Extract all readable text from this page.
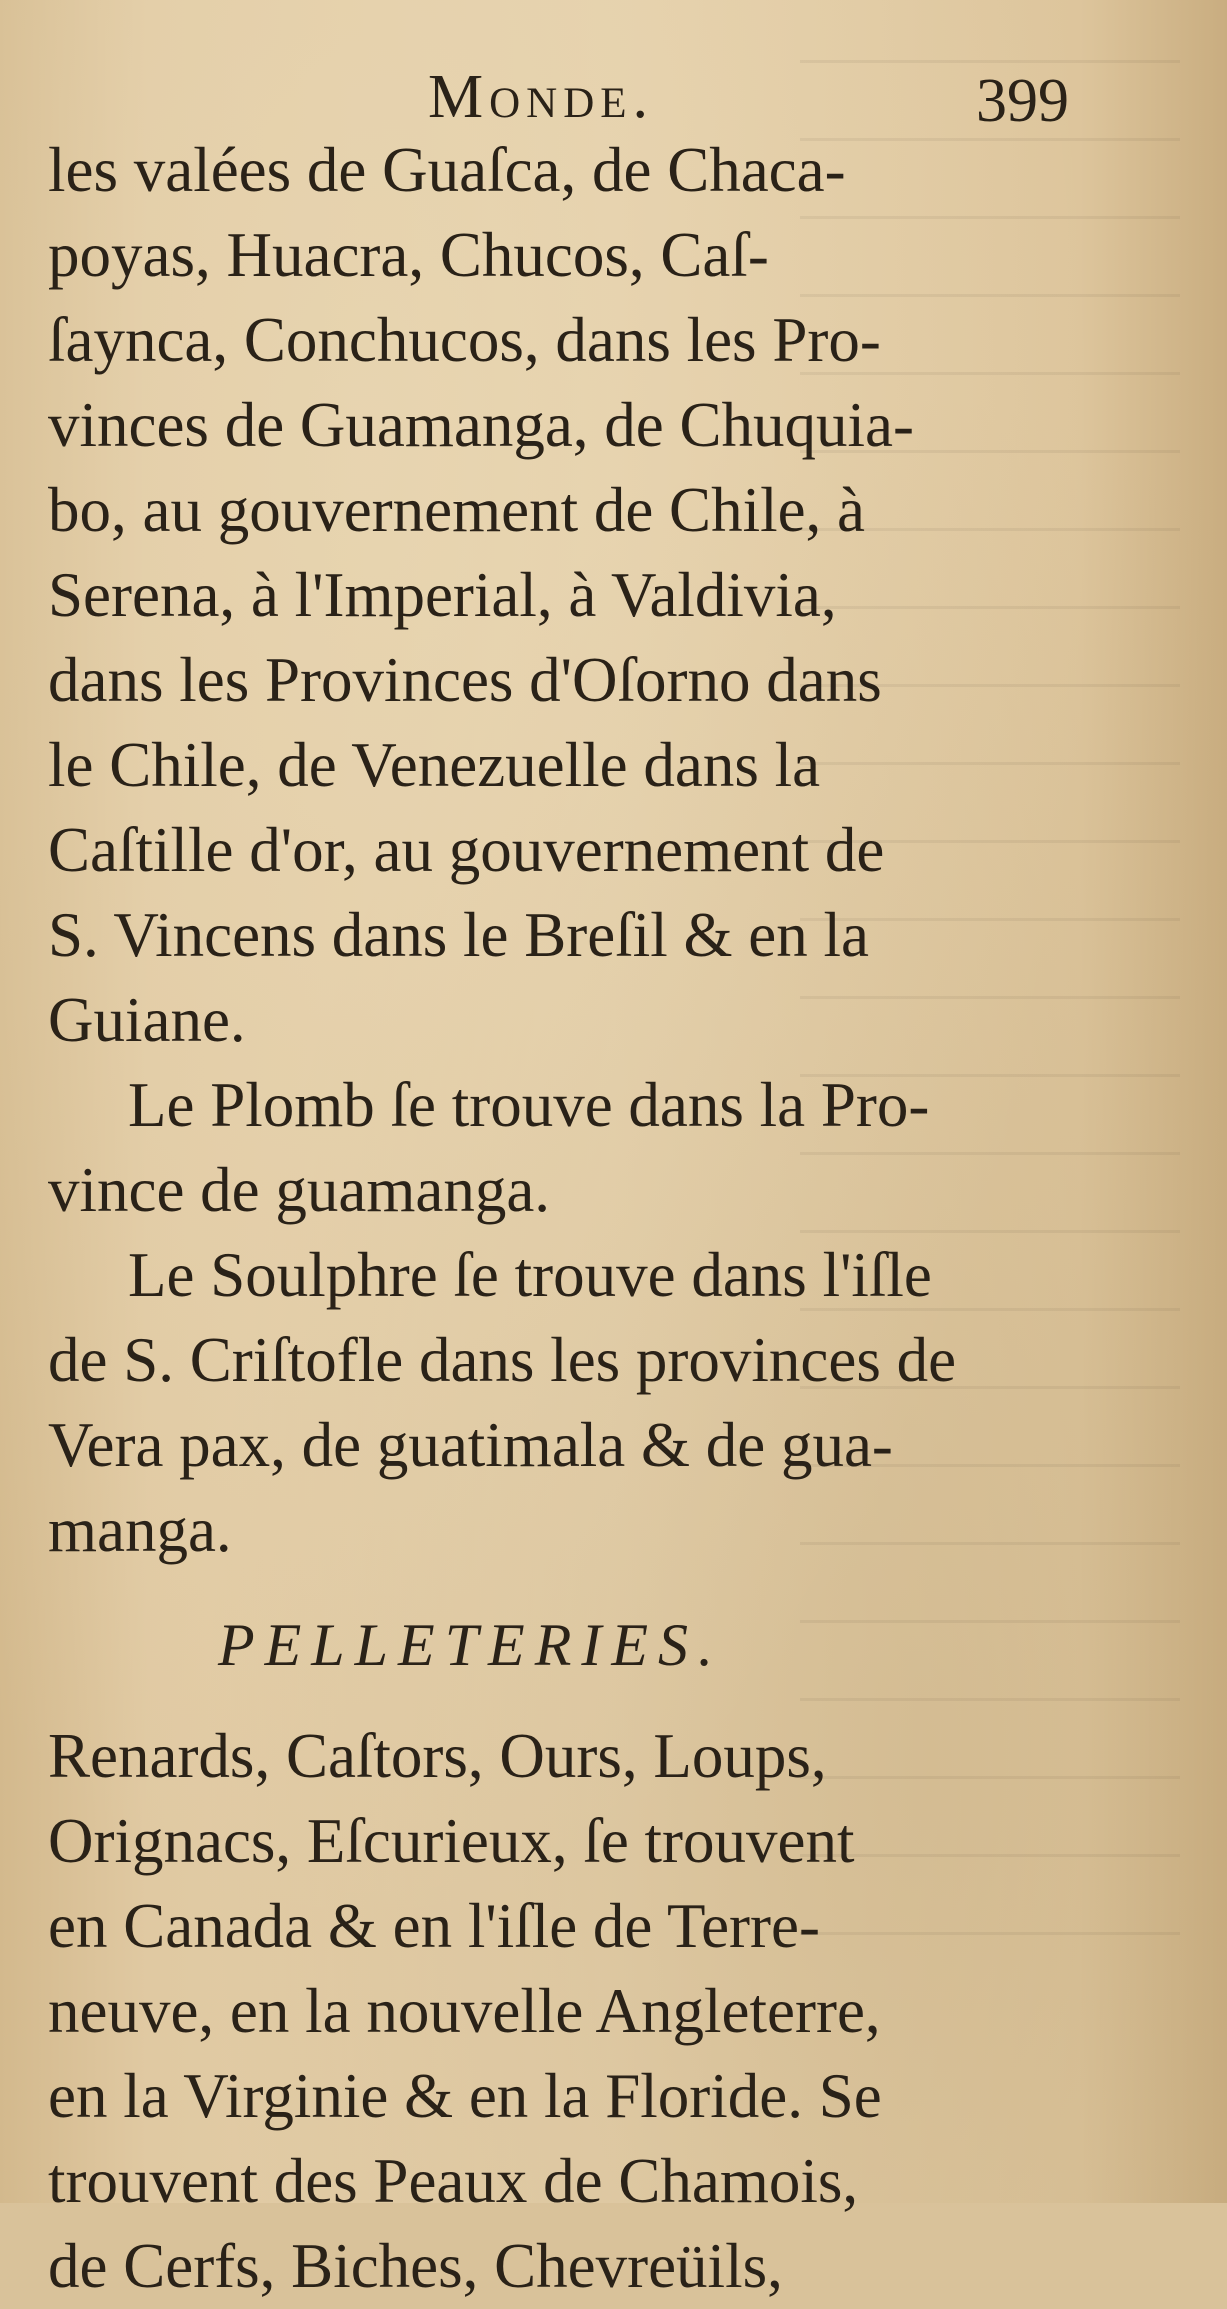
Monde.	399
les valées de Guaſca, de Chaca-
poyas, Huacra, Chucos, Caſ-
ſaynca, Conchucos, dans les Pro-
vinces de Guamanga, de Chuquia-
bo, au gouvernement de Chile, à
Serena, à l'Imperial, à Valdivia,
dans les Provinces d'Oſorno dans
le Chile, de Venezuelle dans la
Caſtille d'or, au gouvernement de
S. Vincens dans le Breſil & en la
Guiane.
Le Plomb ſe trouve dans la Pro-
vince de guamanga.
Le Soulphre ſe trouve dans l'iſle
de S. Criſtofle dans les provinces de
Vera pax, de guatimala & de gua-
manga.
PELLETERIES.
Renards, Caſtors, Ours, Loups,
Orignacs, Eſcurieux, ſe trouvent
en Canada & en l'iſle de Terre-
neuve, en la nouvelle Angleterre,
en la Virginie & en la Floride. Se
trouvent des Peaux de Chamois,
de Cerfs, Biches, Chevreüils,
